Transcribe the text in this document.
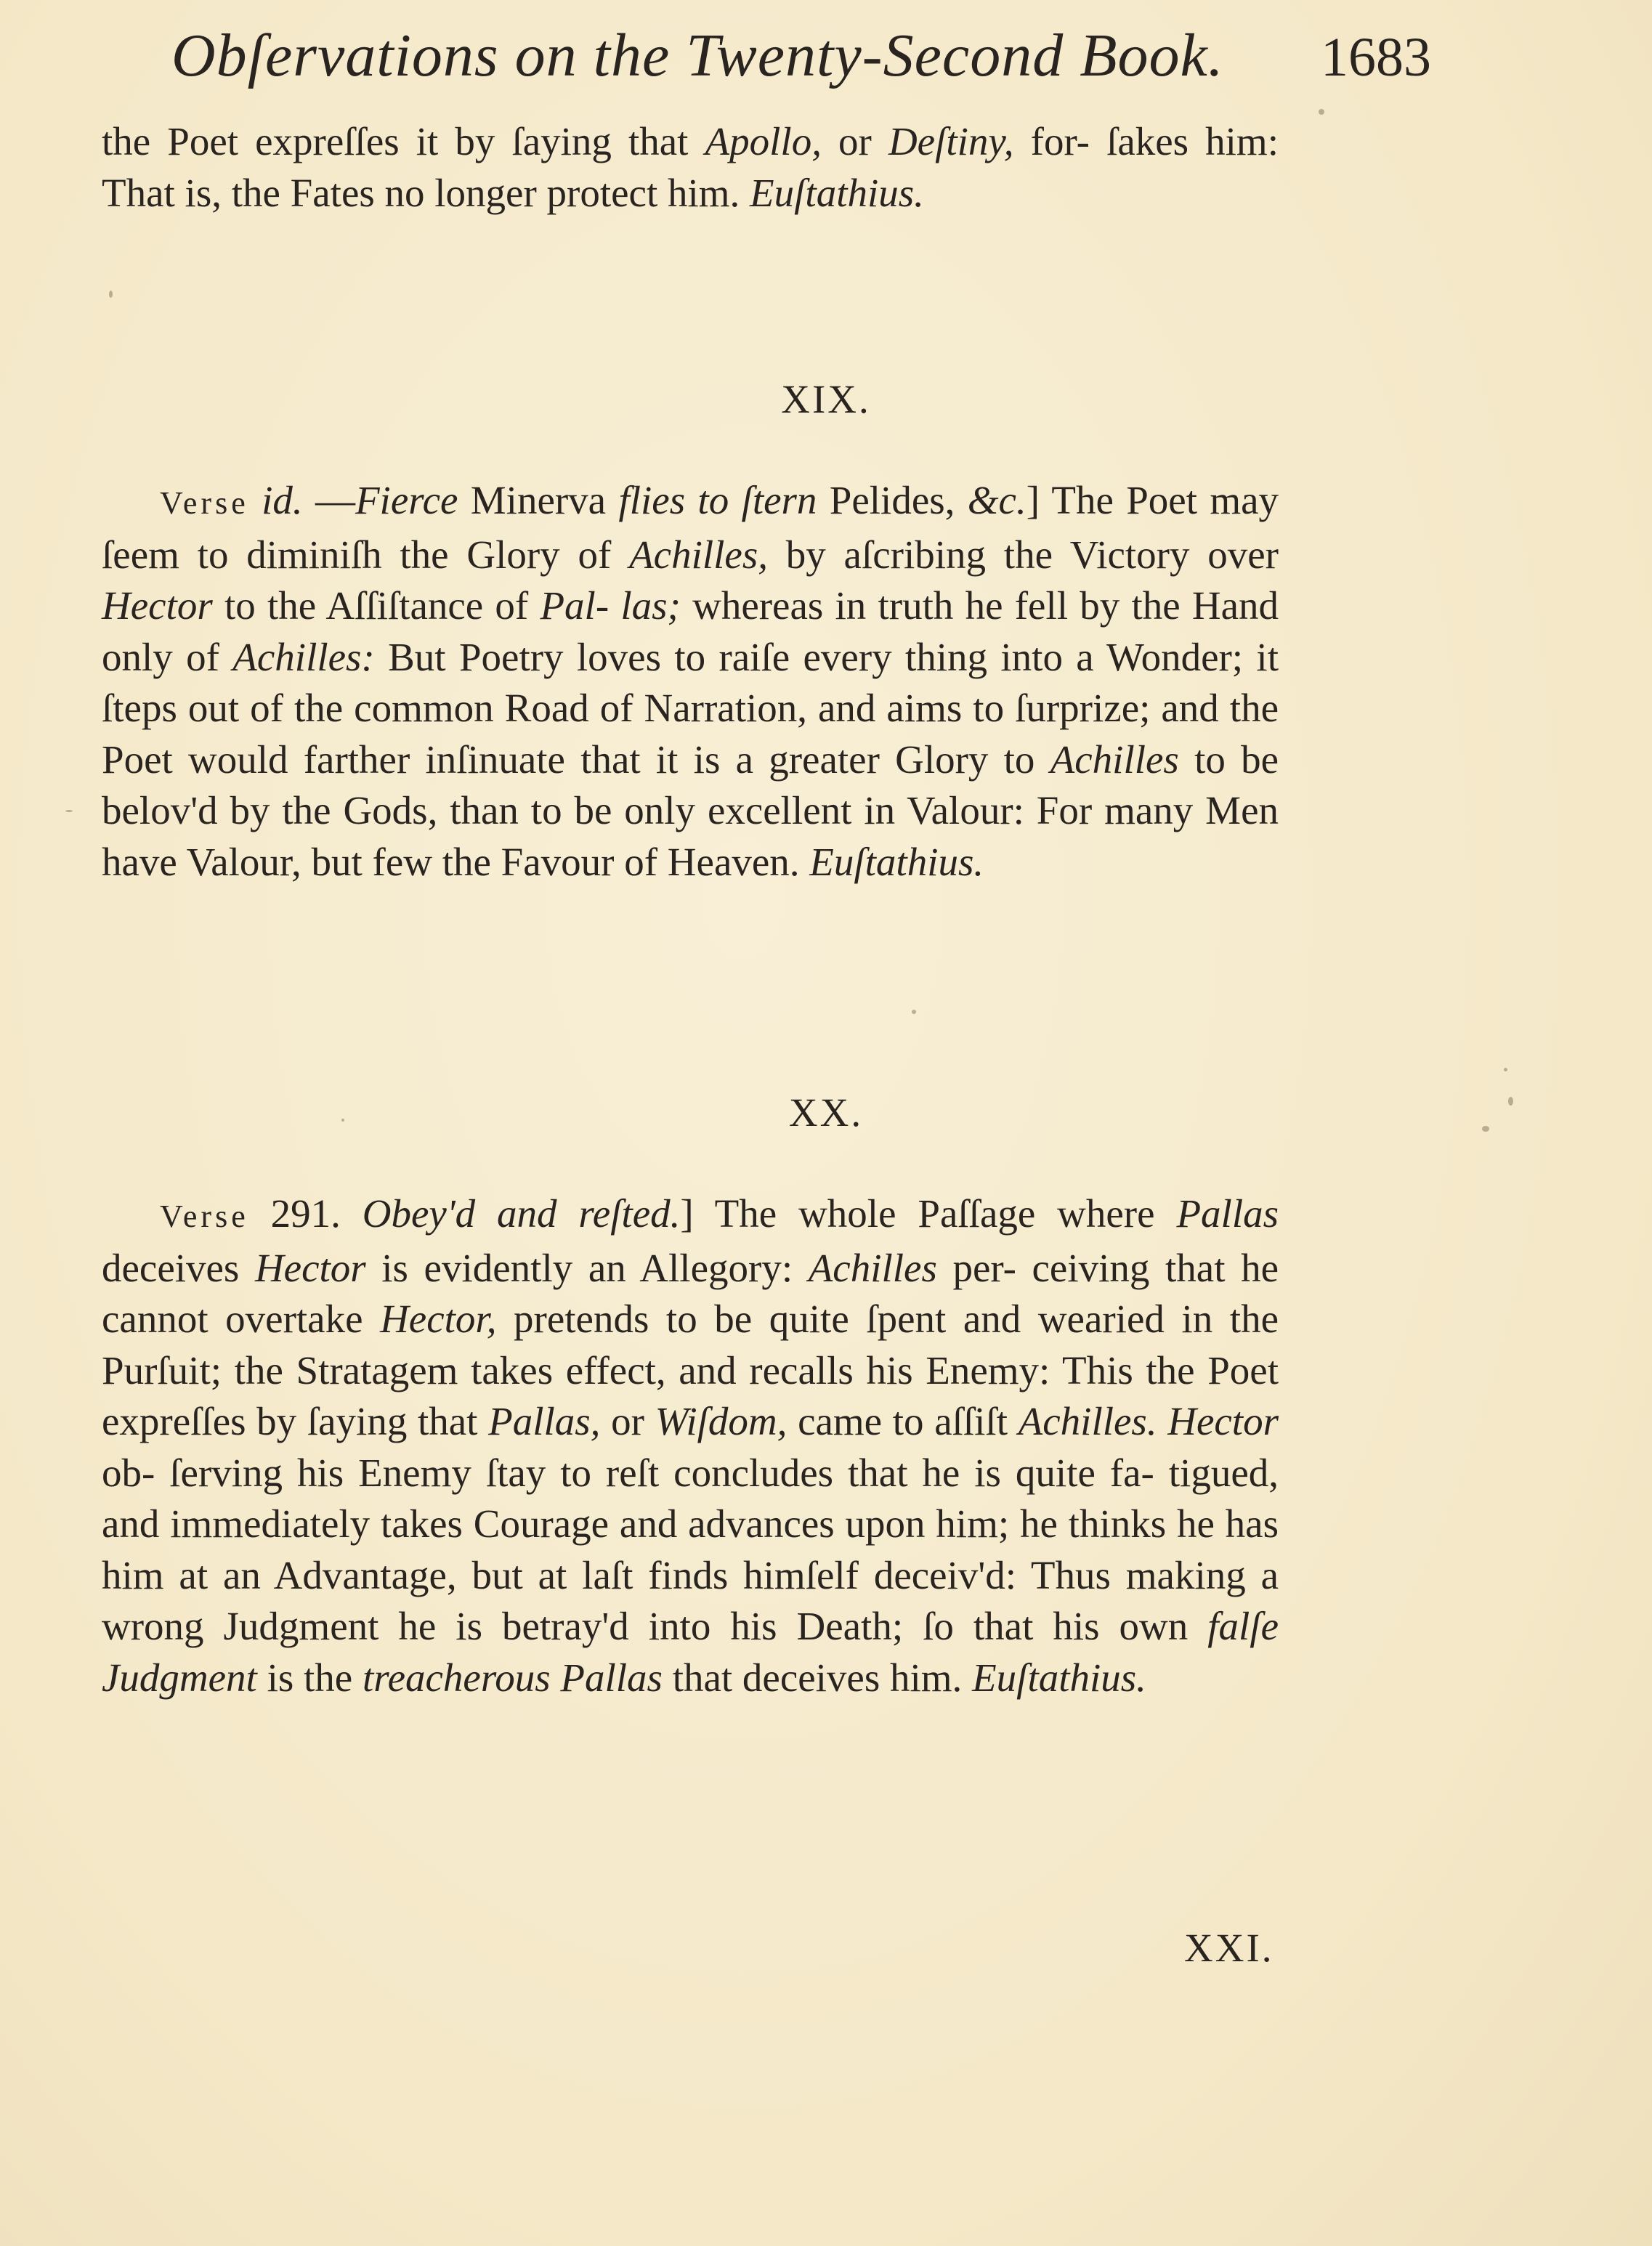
Obſervations on the Twenty-Second Book. 1683

the Poet expreſſes it by ſaying that Apollo, or Deſtiny, for- ſakes him: That is, the Fates no longer protect him. Euſtathius.

XIX.

Verse id. —Fierce Minerva flies to ſtern Pelides, &c.] The Poet may ſeem to diminiſh the Glory of Achilles, by aſcribing the Victory over Hector to the Aſſiſtance of Pal- las; whereas in truth he fell by the Hand only of Achilles: But Poetry loves to raiſe every thing into a Wonder; it ſteps out of the common Road of Narration, and aims to ſurprize; and the Poet would farther inſinuate that it is a greater Glory to Achilles to be belov'd by the Gods, than to be only excellent in Valour: For many Men have Valour, but few the Favour of Heaven. Euſtathius.

XX.

Verse 291. Obey'd and reſted.] The whole Paſſage where Pallas deceives Hector is evidently an Allegory: Achilles per- ceiving that he cannot overtake Hector, pretends to be quite ſpent and wearied in the Purſuit; the Stratagem takes effect, and recalls his Enemy: This the Poet expreſſes by ſaying that Pallas, or Wiſdom, came to aſſiſt Achilles. Hector ob- ſerving his Enemy ſtay to reſt concludes that he is quite fa- tigued, and immediately takes Courage and advances upon him; he thinks he has him at an Advantage, but at laſt finds himſelf deceiv'd: Thus making a wrong Judgment he is betray'd into his Death; ſo that his own falſe Judgment is the treacherous Pallas that deceives him. Euſtathius.

XXI.
